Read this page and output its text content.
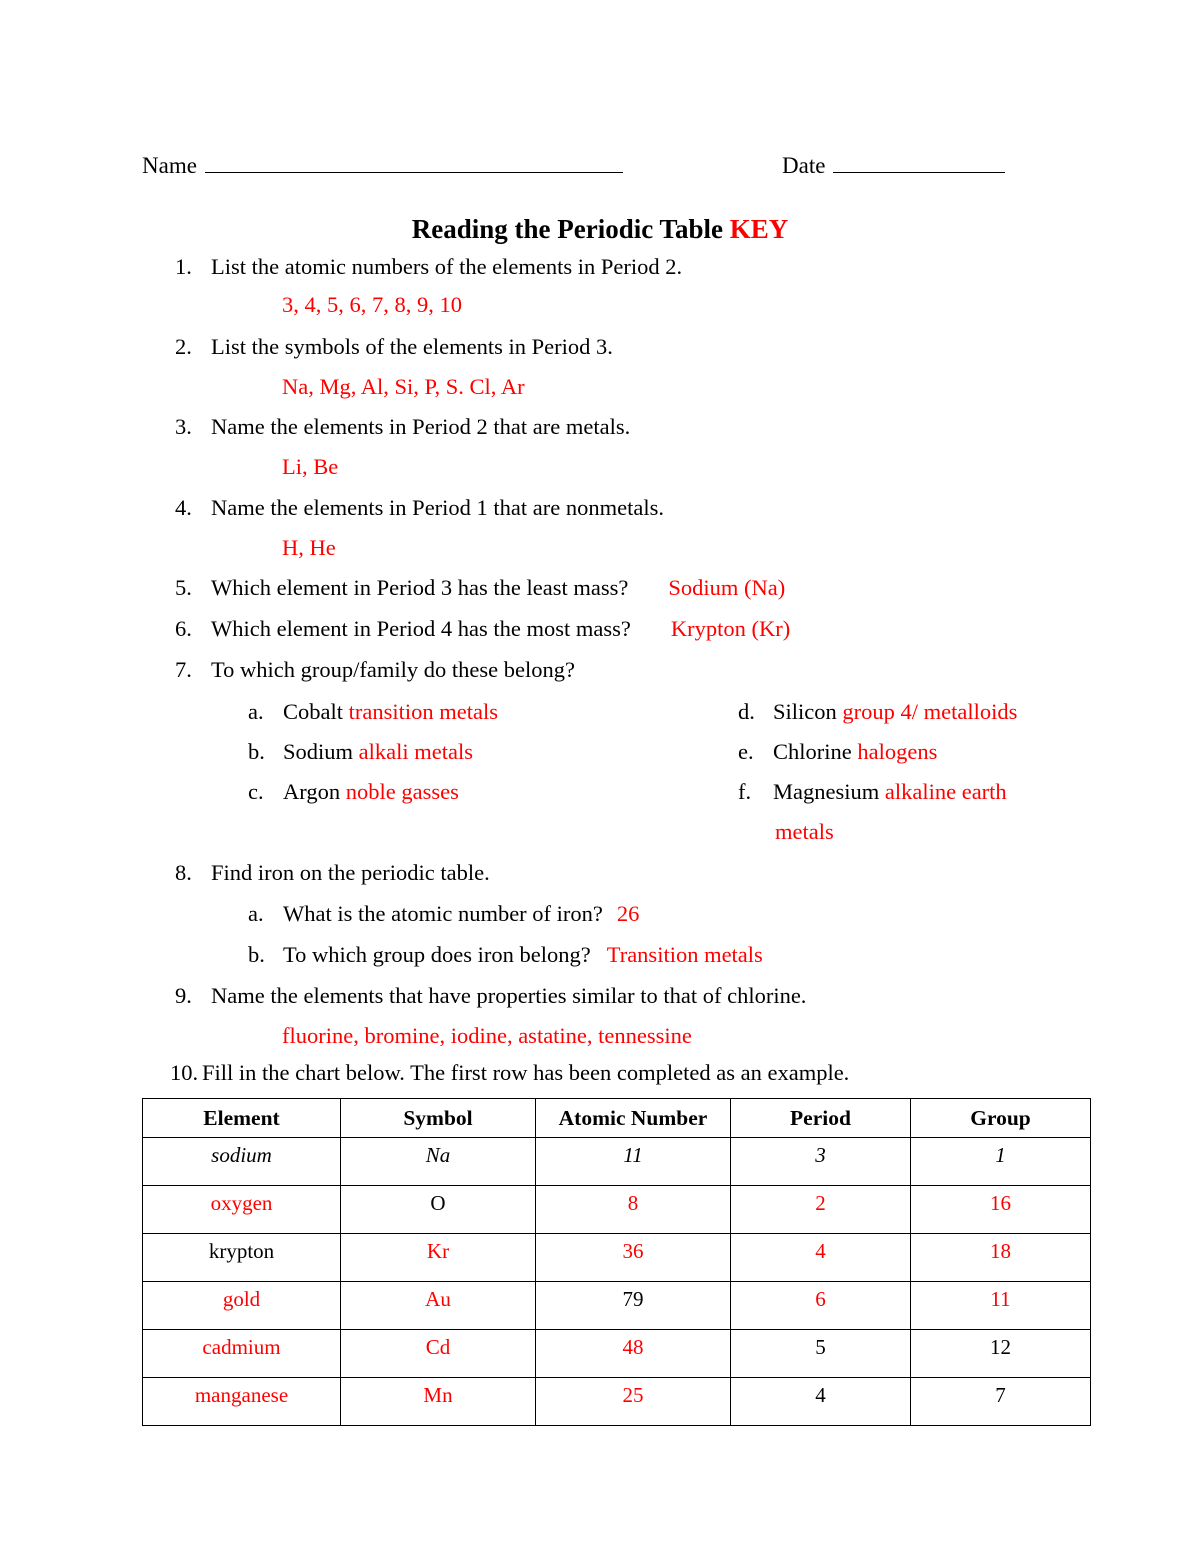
Name	Date
Reading the Periodic Table KEY
1. List the atomic numbers of the elements in Period 2.
3, 4, 5, 6, 7, 8, 9, 10
2. List the symbols of the elements in Period 3.
Na, Mg, Al, Si, P, S. Cl, Ar
3. Name the elements in Period 2 that are metals.
Li, Be
4. Name the elements in Period 1 that are nonmetals.
H, He
5. Which element in Period 3 has the least mass? Sodium (Na)
6. Which element in Period 4 has the most mass? Krypton (Kr)
7. To which group/family do these belong?
a. Cobalt transition metals
b. Sodium alkali metals
c. Argon noble gasses
d. Silicon group 4/ metalloids
e. Chlorine halogens
f. Magnesium alkaline earth
metals
8. Find iron on the periodic table.
a. What is the atomic number of iron? 26
b. To which group does iron belong? Transition metals
9. Name the elements that have properties similar to that of chlorine.
fluorine, bromine, iodine, astatine, tennessine
10. Fill in the chart below. The first row has been completed as an example.
Element	Symbol	Atomic Number	Period	Group
sodium	Na	11	3	1
oxygen	O	8	2	16
krypton	Kr	36	4	18
gold	Au	79	6	11
cadmium	Cd	48	5	12
manganese	Mn	25	4	7
